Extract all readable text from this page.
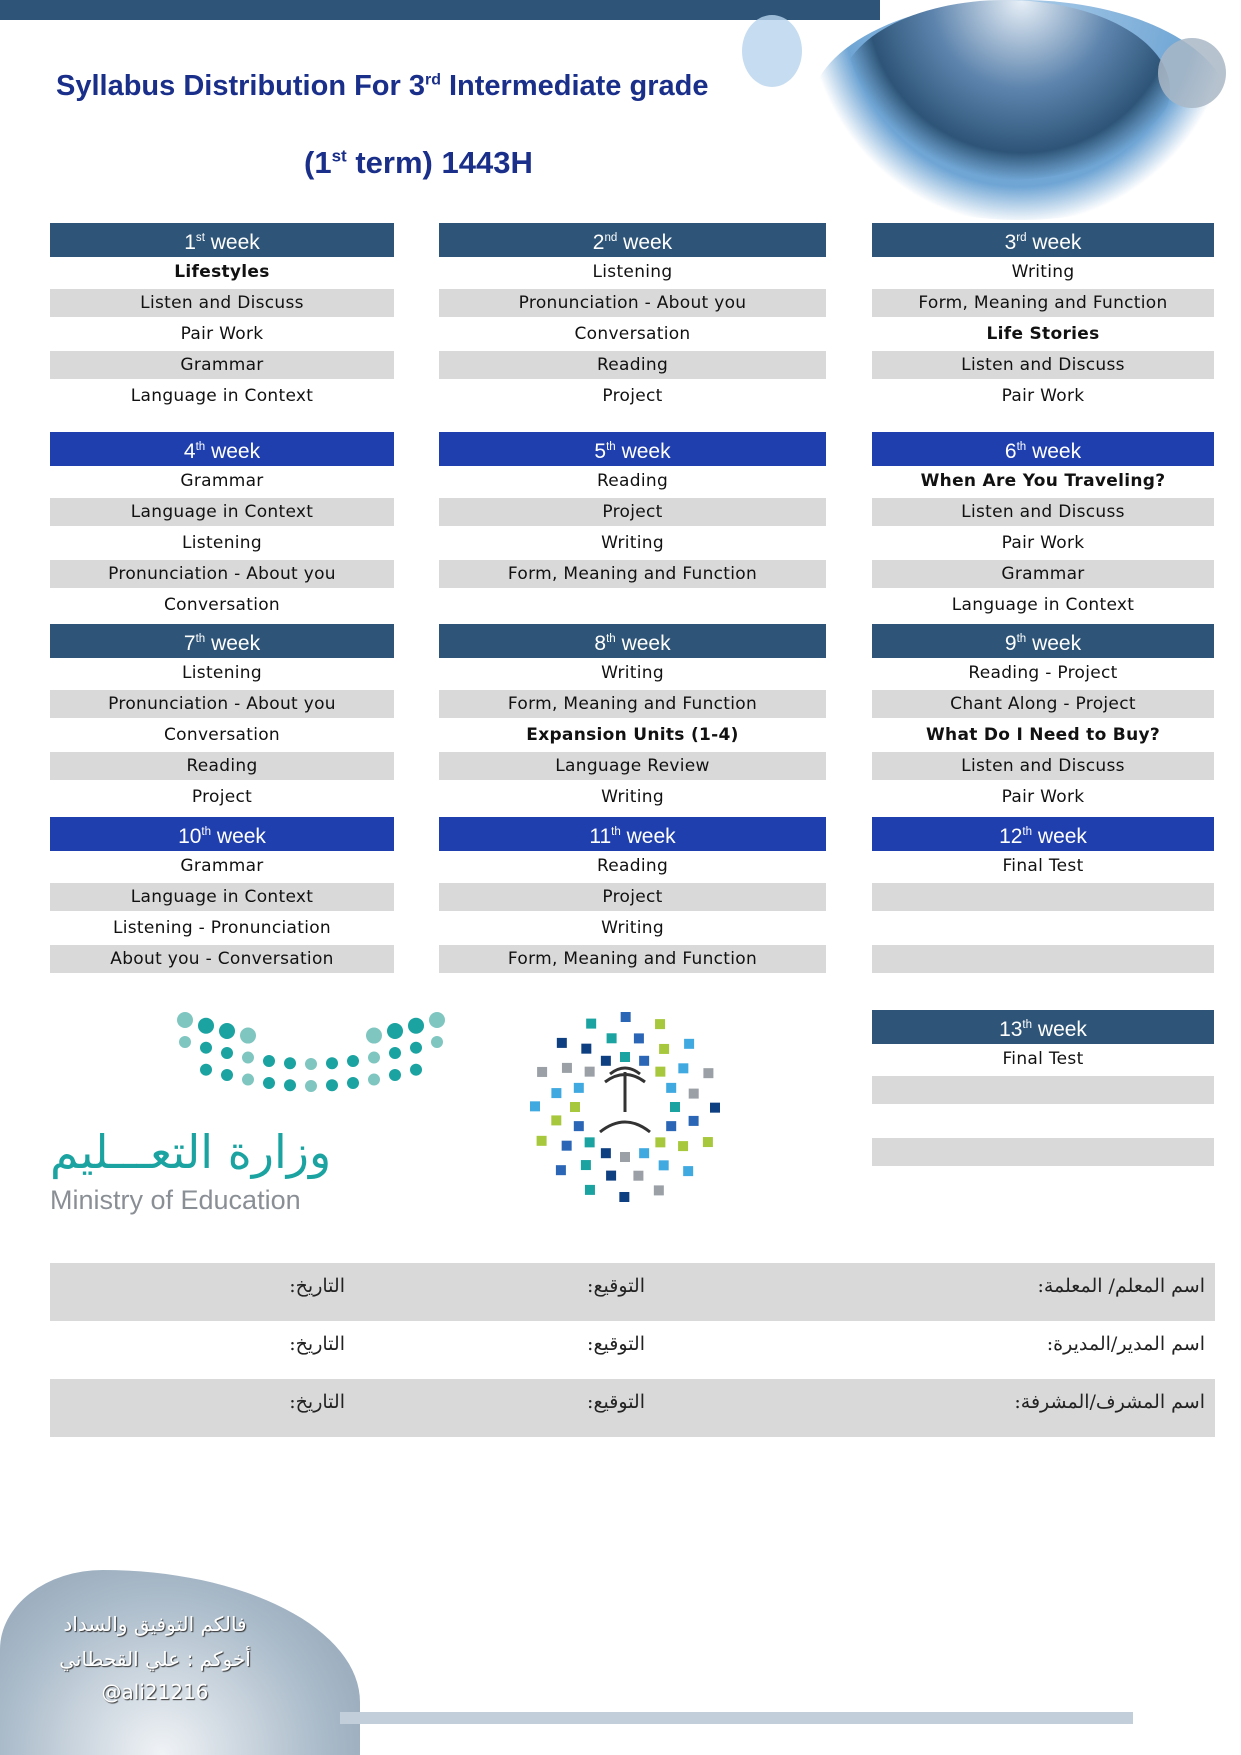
Syllabus Distribution For 3rd Intermediate grade
(1st term) 1443H
1st week
Lifestyles
Listen and Discuss
Pair Work
Grammar
Language in Context
2nd week
Listening
Pronunciation - About you
Conversation
Reading
Project
3rd week
Writing
Form, Meaning and Function
Life Stories
Listen and Discuss
Pair Work
4th week
Grammar
Language in Context
Listening
Pronunciation - About you
Conversation
5th week
Reading
Project
Writing
Form, Meaning and Function
6th week
When Are You Traveling?
Listen and Discuss
Pair Work
Grammar
Language in Context
7th week
Listening
Pronunciation - About you
Conversation
Reading
Project
8th week
Writing
Form, Meaning and Function
Expansion Units (1-4)
Language Review
Writing
9th week
Reading - Project
Chant Along - Project
What Do I Need to Buy?
Listen and Discuss
Pair Work
10th week
Grammar
Language in Context
Listening - Pronunciation
About you - Conversation
11th week
Reading
Project
Writing
Form, Meaning and Function
12th week
Final Test
13th week
Final Test
وزارة التعـــليم
Ministry of Education
اسم المعلم/ المعلمة:
التوقيع:
التاريخ:
اسم المدير/المديرة:
التوقيع:
التاريخ:
اسم المشرف/المشرفة:
التوقيع:
التاريخ:
فالكم التوفيق والسداد
أخوكم : علي القحطاني
@ali21216
